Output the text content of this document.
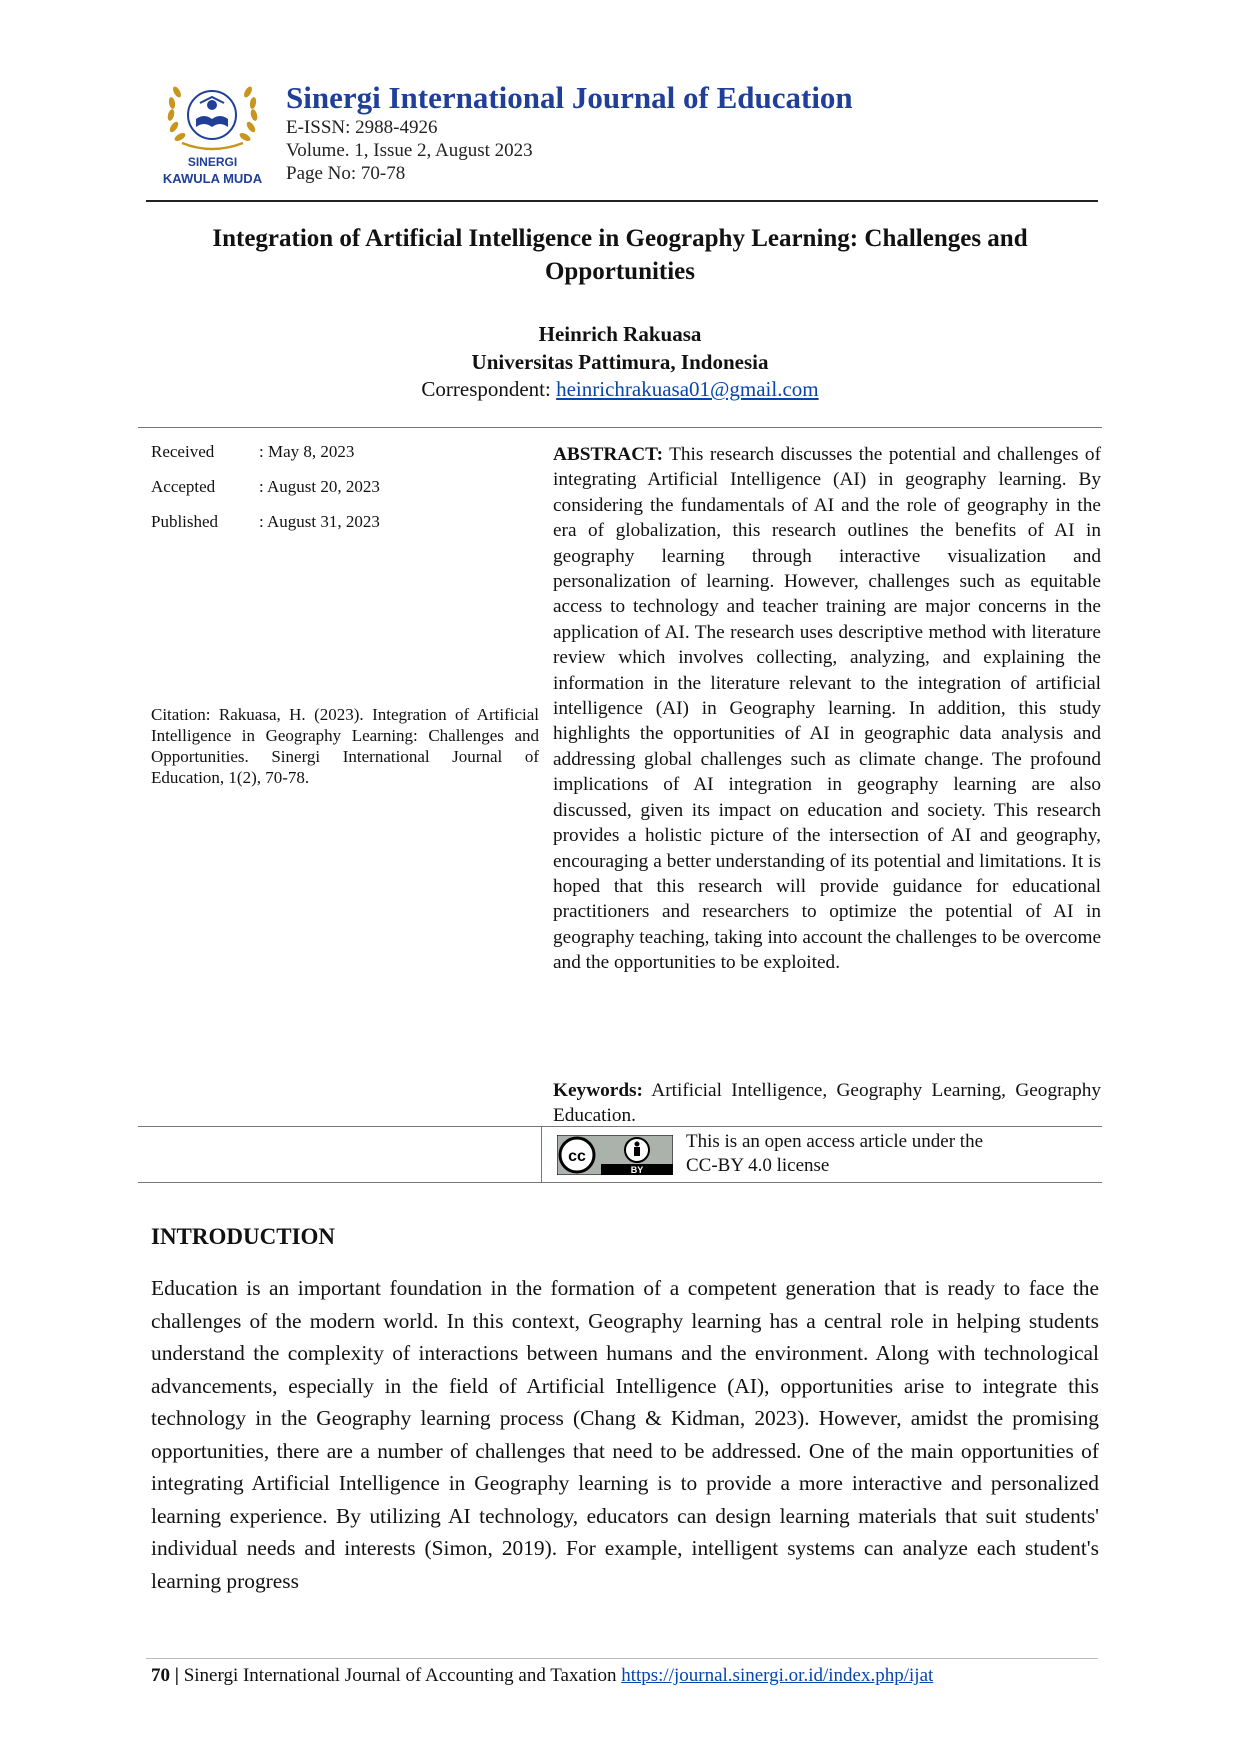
SINERGI
KAWULA MUDA

Sinergi International Journal of Education

E-ISSN: 2988-4926

Volume. 1, Issue 2, August 2023

Page No: 70-78

Integration of Artificial Intelligence in Geography Learning: Challenges and Opportunities
Heinrich Rakuasa
Universitas Pattimura, Indonesia
Correspondent: heinrichrakuasa01@gmail.com
Received	: May 8, 2023
Accepted	: August 20, 2023
Published	: August 31, 2023

Citation: Rakuasa, H. (2023). Integration of Artificial Intelligence in Geography Learning: Challenges and Opportunities. Sinergi International Journal of Education, 1(2), 70-78.

ABSTRACT: This research discusses the potential and challenges of integrating Artificial Intelligence (AI) in geography learning. By considering the fundamentals of AI and the role of geography in the era of globalization, this research outlines the benefits of AI in geography learning through interactive visualization and personalization of learning. However, challenges such as equitable access to technology and teacher training are major concerns in the application of AI. The research uses descriptive method with literature review which involves collecting, analyzing, and explaining the information in the literature relevant to the integration of artificial intelligence (AI) in Geography learning. In addition, this study highlights the opportunities of AI in geographic data analysis and addressing global challenges such as climate change. The profound implications of AI integration in geography learning are also discussed, given its impact on education and society. This research provides a holistic picture of the intersection of AI and geography, encouraging a better understanding of its potential and limitations. It is hoped that this research will provide guidance for educational practitioners and researchers to optimize the potential of AI in geography teaching, taking into account the challenges to be overcome and the opportunities to be exploited.

Keywords: Artificial Intelligence, Geography Learning, Geography Education.

cc
BY
This is an open access article under the
CC-BY 4.0 license
INTRODUCTION

Education is an important foundation in the formation of a competent generation that is ready to face the challenges of the modern world. In this context, Geography learning has a central role in helping students understand the complexity of interactions between humans and the environment. Along with technological advancements, especially in the field of Artificial Intelligence (AI), opportunities arise to integrate this technology in the Geography learning process (Chang & Kidman, 2023). However, amidst the promising opportunities, there are a number of challenges that need to be addressed. One of the main opportunities of integrating Artificial Intelligence in Geography learning is to provide a more interactive and personalized learning experience. By utilizing AI technology, educators can design learning materials that suit students' individual needs and interests (Simon, 2019). For example, intelligent systems can analyze each student's learning progress

70 | Sinergi International Journal of Accounting and Taxation https://journal.sinergi.or.id/index.php/ijat
